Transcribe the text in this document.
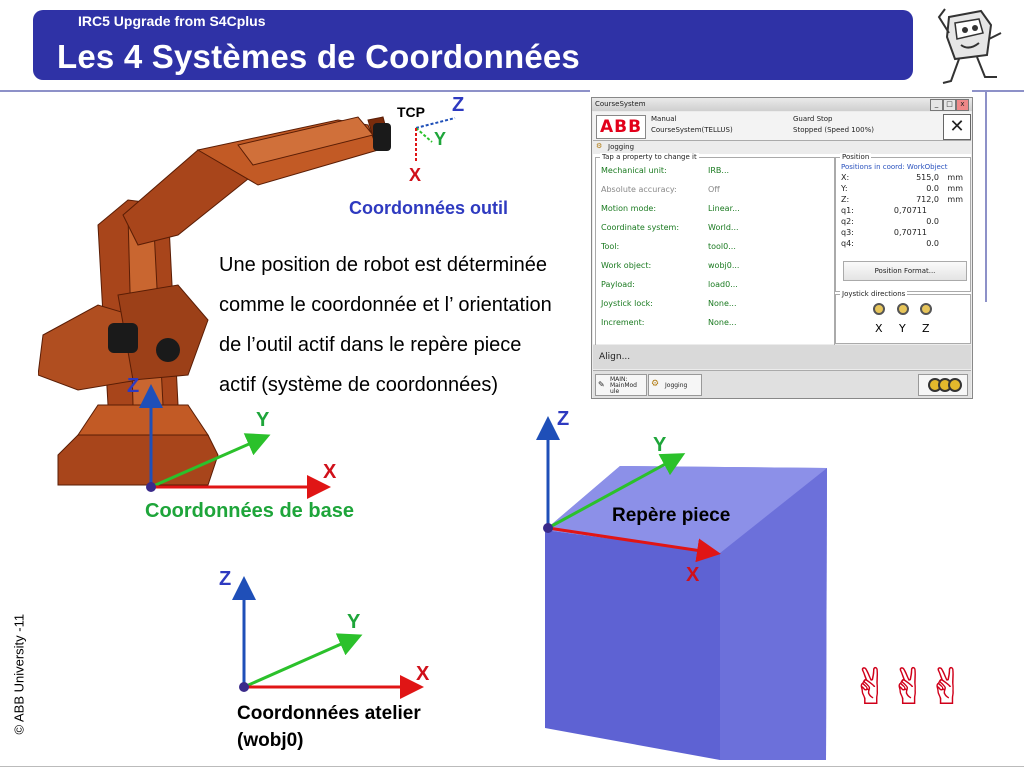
IRC5 Upgrade from S4Cplus
Les 4 Systèmes de Coordonnées
TCP Z
Y
X
Coordonnées outil
Une position de robot est déterminée
comme le coordonnée et l’ orientation
de l’outil actif dans le repère piece
actif (système de coordonnées)
Z
Y
X
Coordonnées de base
Z
Y
X
Repère piece
Z
Y
X
Coordonnées atelier
(wobj0)
© ABB University -11	✌✌✌
CourseSystem	_	□	x
ABB	Manual
CourseSystem(TELLUS)
Guard Stop
Stopped (Speed 100%)	✕
⚙ Jogging
Tap a property to change it
Mechanical unit:	IRB...
Absolute accuracy:	Off
Motion mode:	Linear...
Coordinate system:	World...
Tool:	tool0...
Work object:	wobj0...
Payload:	load0...
Joystick lock:	None...
Increment:	None...
Position
Positions in coord: WorkObject
X:	515,0 mm
Y:	0.0 mm
Z:	712,0 mm
q1:	0,70711
q2:	0.0
q3:	0,70711
q4:	0.0
Position Format...
Joystick directions
X Y Z
Align...
MAIN: MainMod ule
✎	⚙ Jogging
